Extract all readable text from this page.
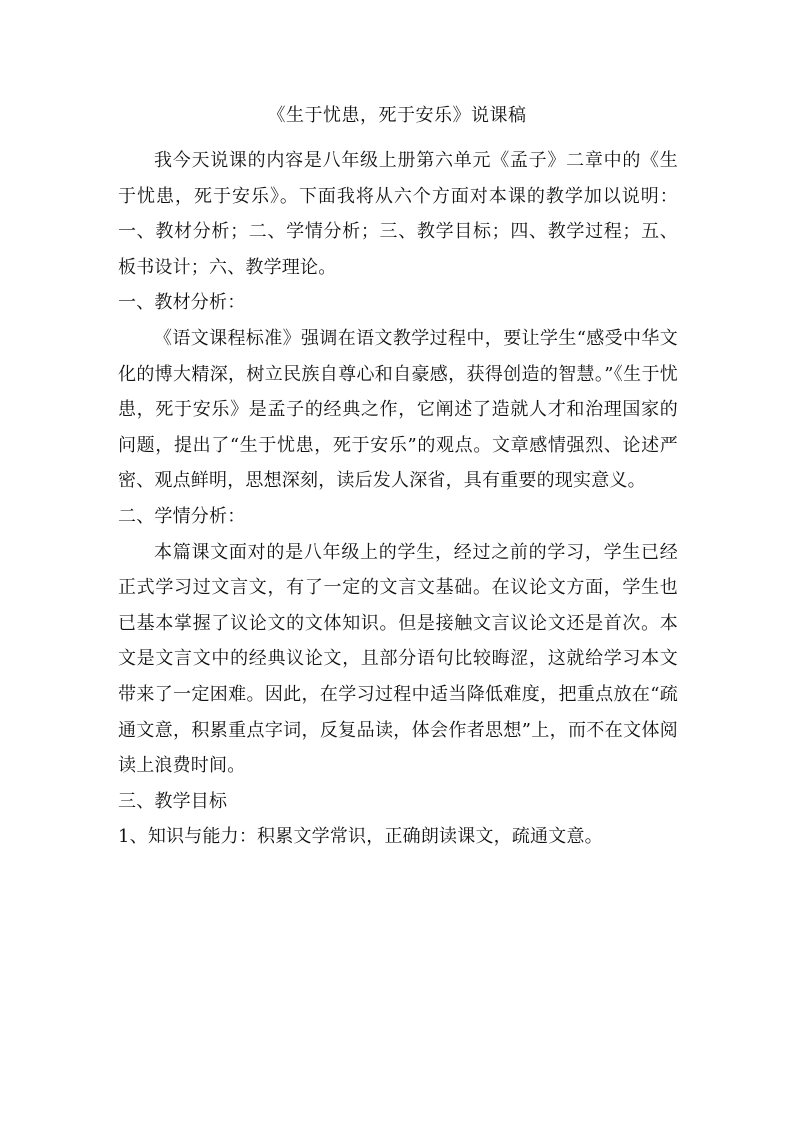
《生于忧患，死于安乐》说课稿

我今天说课的内容是八年级上册第六单元《孟子》二章中的《生于忧患，死于安乐》。下面我将从六个方面对本课的教学加以说明：一、教材分析；二、学情分析；三、教学目标；四、教学过程；五、板书设计；六、教学理论。

一、教材分析：

《语文课程标准》强调在语文教学过程中，要让学生“感受中华文化的博大精深，树立民族自尊心和自豪感，获得创造的智慧。”《生于忧患，死于安乐》是孟子的经典之作，它阐述了造就人才和治理国家的问题，提出了“生于忧患，死于安乐”的观点。文章感情强烈、论述严密、观点鲜明，思想深刻，读后发人深省，具有重要的现实意义。

二、学情分析：

本篇课文面对的是八年级上的学生，经过之前的学习，学生已经正式学习过文言文，有了一定的文言文基础。在议论文方面，学生也已基本掌握了议论文的文体知识。但是接触文言议论文还是首次。本文是文言文中的经典议论文，且部分语句比较晦涩，这就给学习本文带来了一定困难。因此，在学习过程中适当降低难度，把重点放在“疏通文意，积累重点字词，反复品读，体会作者思想”上，而不在文体阅读上浪费时间。

三、教学目标

1、知识与能力：积累文学常识，正确朗读课文，疏通文意。
